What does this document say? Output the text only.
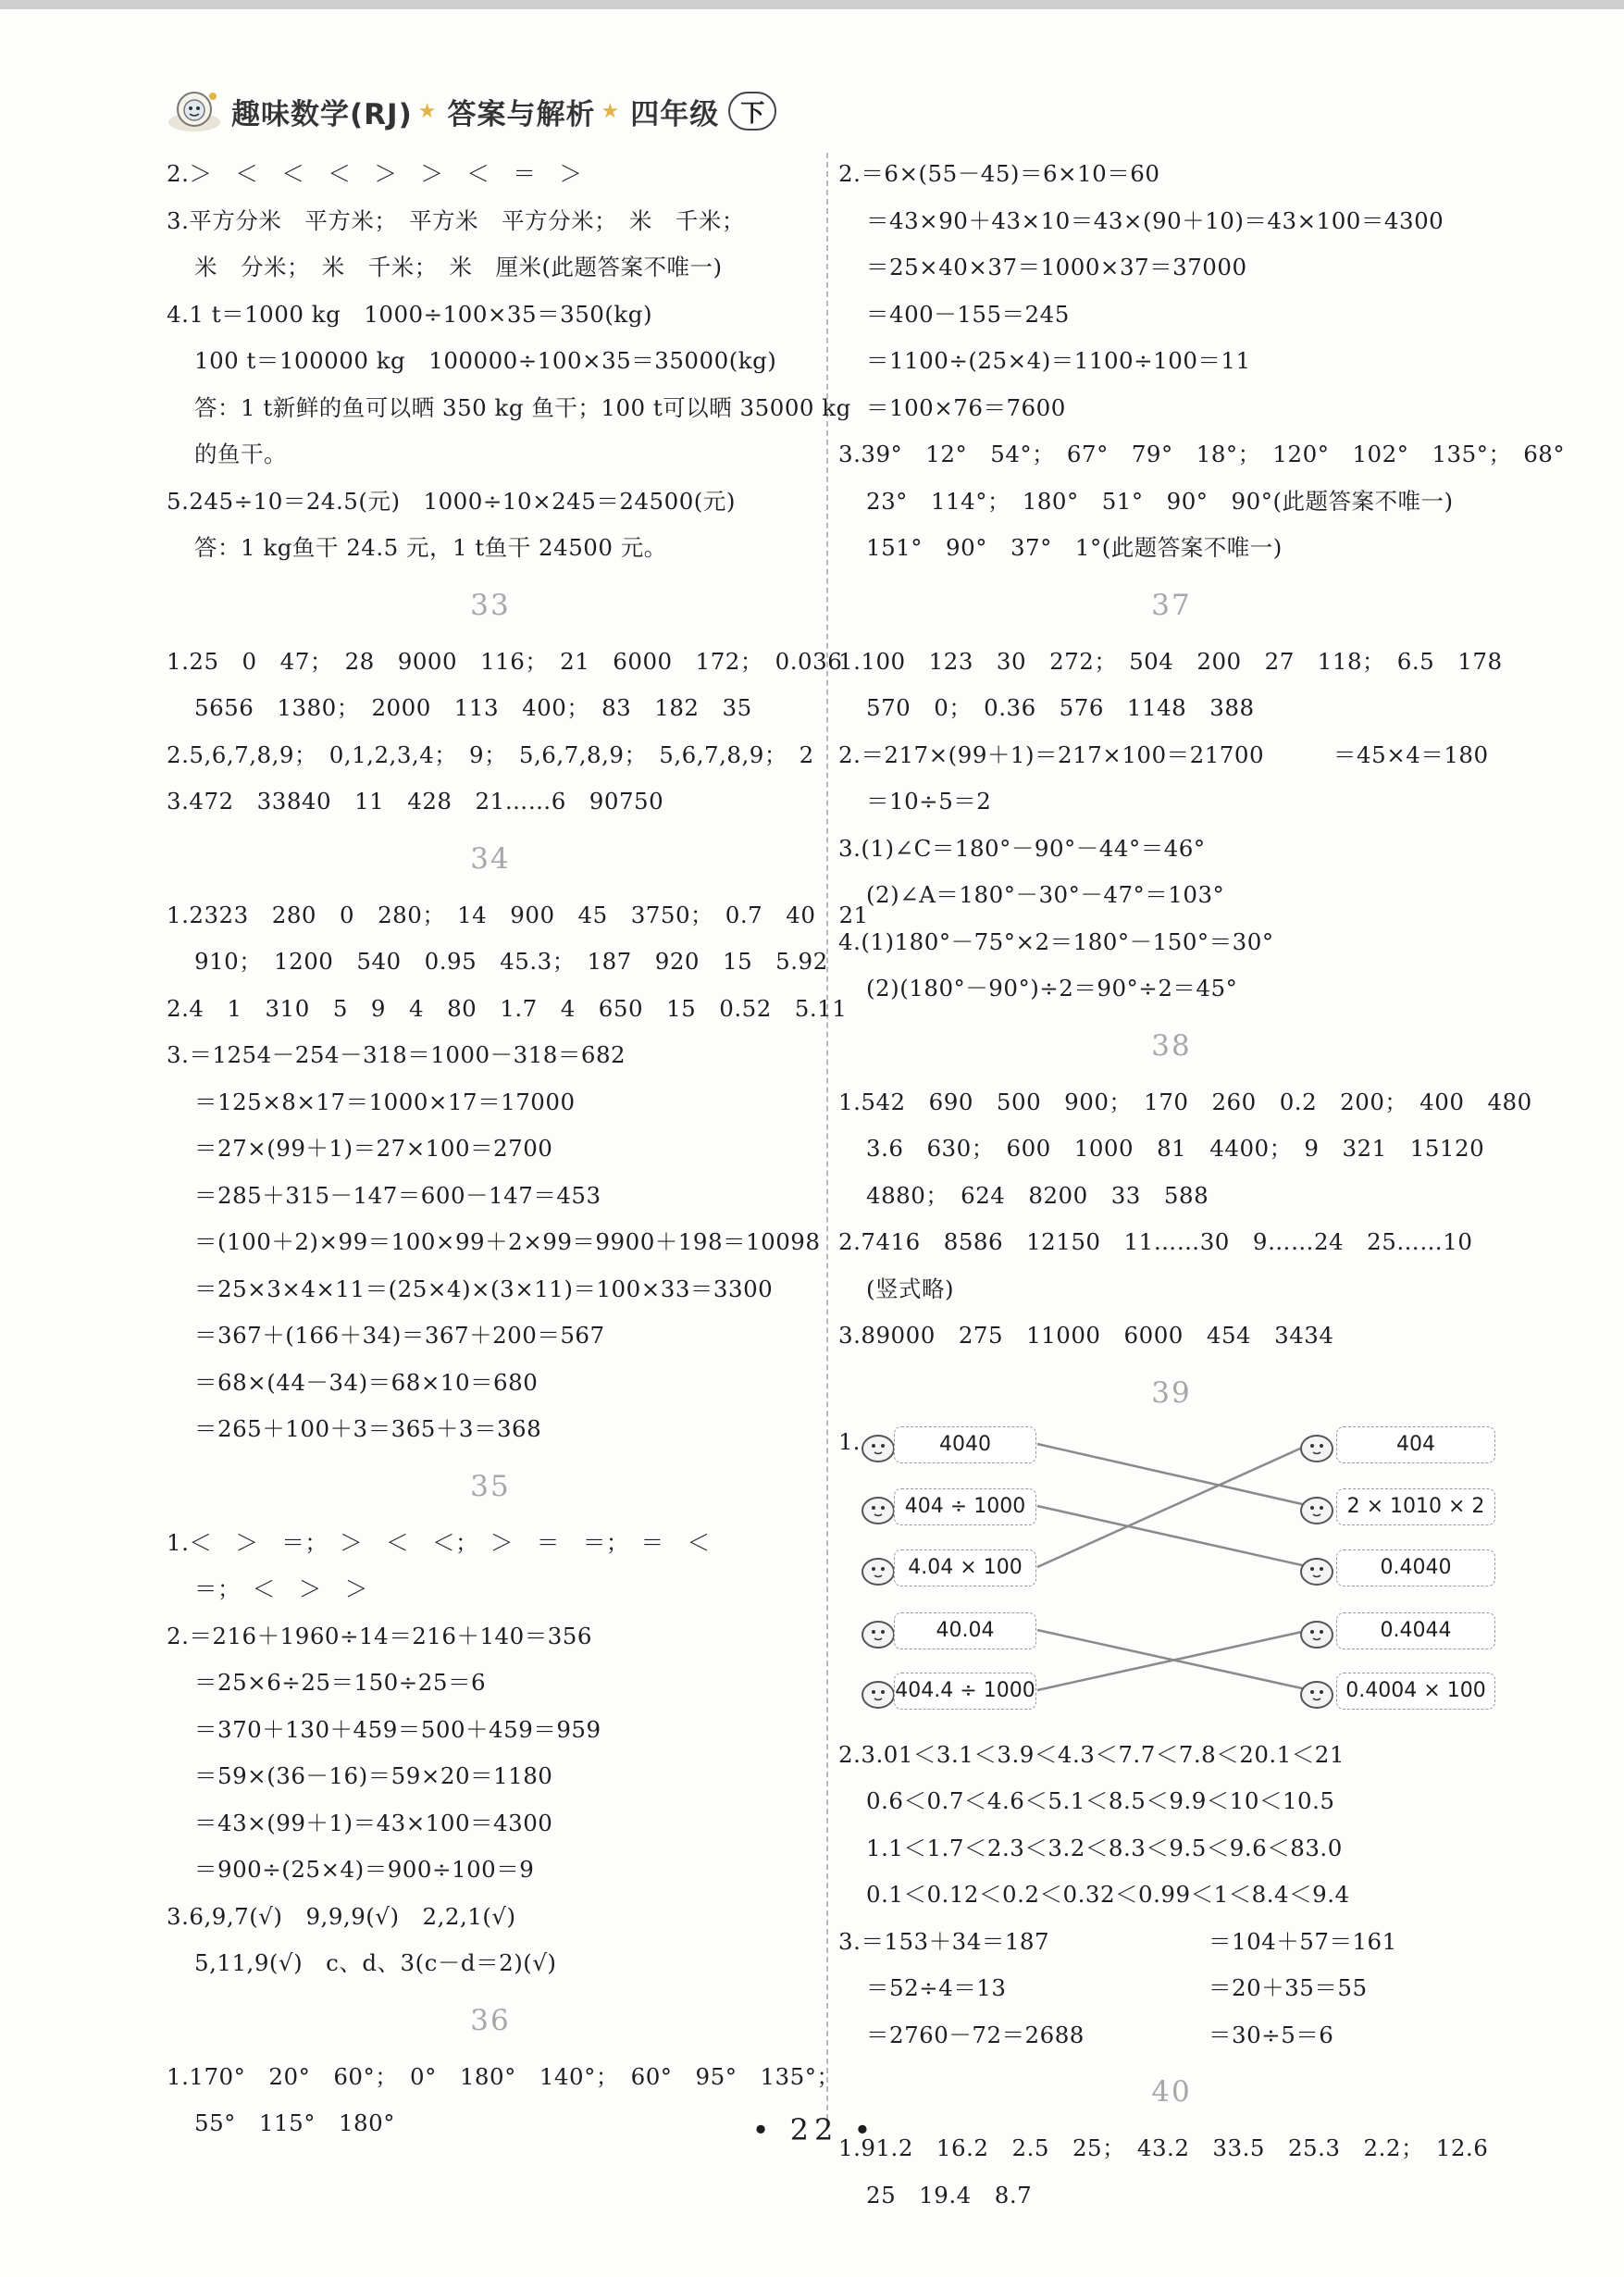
趣味数学(RJ) ★ 答案与解析 ★ 四年级 下
2.＞　＜　＜　＜　＞　＞　＜　＝　＞
3.平方分米　平方米；　平方米　平方分米；　米　千米；
米　分米；　米　千米；　米　厘米(此题答案不唯一)
4.1 t＝1000 kg　1000÷100×35＝350(kg)
100 t＝100000 kg　100000÷100×35＝35000(kg)
答：1 t新鲜的鱼可以晒 350 kg 鱼干；100 t可以晒 35000 kg
的鱼干。
5.245÷10＝24.5(元)　1000÷10×245＝24500(元)
答：1 kg鱼干 24.5 元，1 t鱼干 24500 元。
33
1.25　0　47；　28　9000　116；　21　6000　172；　0.036
5656　1380；　2000　113　400；　83　182　35
2.5,6,7,8,9；　0,1,2,3,4；　9；　5,6,7,8,9；　5,6,7,8,9；　2
3.472　33840　11　428　21……6　90750
34
1.2323　280　0　280；　14　900　45　3750；　0.7　40　21
910；　1200　540　0.95　45.3；　187　920　15　5.92
2.4　1　310　5　9　4　80　1.7　4　650　15　0.52　5.11
3.＝1254－254－318＝1000－318＝682
＝125×8×17＝1000×17＝17000
＝27×(99＋1)＝27×100＝2700
＝285＋315－147＝600－147＝453
＝(100＋2)×99＝100×99＋2×99＝9900＋198＝10098
＝25×3×4×11＝(25×4)×(3×11)＝100×33＝3300
＝367＋(166＋34)＝367＋200＝567
＝68×(44－34)＝68×10＝680
＝265＋100＋3＝365＋3＝368
35
1.＜　＞　＝；　＞　＜　＜；　＞　＝　＝；　＝　＜
＝；　＜　＞　＞
2.＝216＋1960÷14＝216＋140＝356
＝25×6÷25＝150÷25＝6
＝370＋130＋459＝500＋459＝959
＝59×(36－16)＝59×20＝1180
＝43×(99＋1)＝43×100＝4300
＝900÷(25×4)＝900÷100＝9
3.6,9,7(√)　9,9,9(√)　2,2,1(√)
5,11,9(√)　c、d、3(c－d＝2)(√)
36
1.170°　20°　60°；　0°　180°　140°；　60°　95°　135°；
55°　115°　180°
2.＝6×(55－45)＝6×10＝60
＝43×90＋43×10＝43×(90＋10)＝43×100＝4300
＝25×40×37＝1000×37＝37000
＝400－155＝245
＝1100÷(25×4)＝1100÷100＝11
＝100×76＝7600
3.39°　12°　54°；　67°　79°　18°；　120°　102°　135°；　68°
23°　114°；　180°　51°　90°　90°(此题答案不唯一)
151°　90°　37°　1°(此题答案不唯一)
37
1.100　123　30　272；　504　200　27　118；　6.5　178
570　0；　0.36　576　1148　388
2.＝217×(99＋1)＝217×100＝21700　　　＝45×4＝180
＝10÷5＝2
3.(1)∠C＝180°－90°－44°＝46°
(2)∠A＝180°－30°－47°＝103°
4.(1)180°－75°×2＝180°－150°＝30°
(2)(180°－90°)÷2＝90°÷2＝45°
38
1.542　690　500　900；　170　260　0.2　200；　400　480
3.6　630；　600　1000　81　4400；　9　321　15120
4880；　624　8200　33　588
2.7416　8586　12150　11……30　9……24　25……10
(竖式略)
3.89000　275　11000　6000　454　3434
39
1.	4040
404 ÷ 1000
4.04 × 100
40.04
404.4 ÷ 1000
404
2 × 1010 × 2
0.4040
0.4044
0.4004 × 100
2.3.01＜3.1＜3.9＜4.3＜7.7＜7.8＜20.1＜21
0.6＜0.7＜4.6＜5.1＜8.5＜9.9＜10＜10.5
1.1＜1.7＜2.3＜3.2＜8.3＜9.5＜9.6＜83.0
0.1＜0.12＜0.2＜0.32＜0.99＜1＜8.4＜9.4
3.＝153＋34＝187	＝104＋57＝161
＝52÷4＝13	＝20＋35＝55
＝2760－72＝2688	＝30÷5＝6
40
1.91.2　16.2　2.5　25；　43.2　33.5　25.3　2.2；　12.6
25　19.4　8.7
• 22 •
